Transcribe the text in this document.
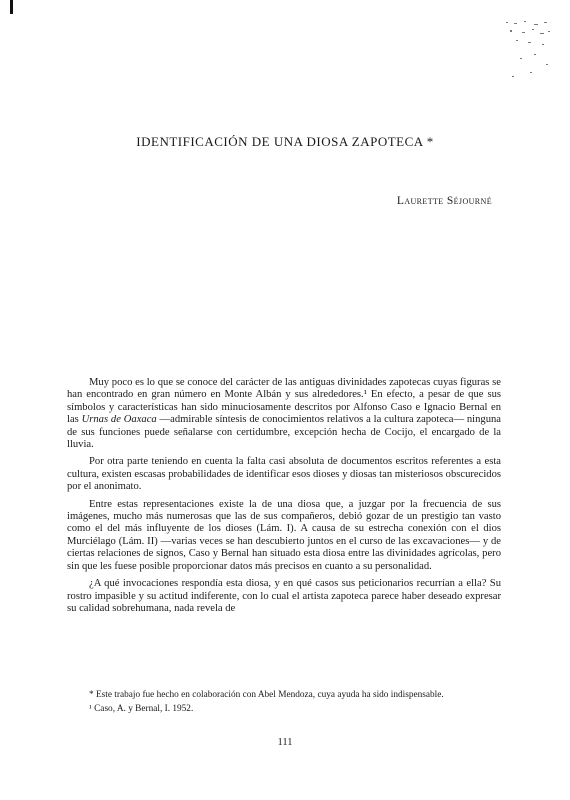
IDENTIFICACIÓN DE UNA DIOSA ZAPOTECA *
Laurette Séjourné

Muy poco es lo que se conoce del carácter de las antiguas divinidades zapotecas cuyas figuras se han encontrado en gran número en Monte Albán y sus alrededores.¹ En efecto, a pesar de que sus símbolos y características han sido minuciosamente descritos por Alfonso Caso e Ignacio Bernal en las Urnas de Oaxaca —admirable síntesis de conocimientos relativos a la cultura zapoteca— ninguna de sus funciones puede señalarse con certidumbre, excepción hecha de Cocijo, el encargado de la lluvia.

Por otra parte teniendo en cuenta la falta casi absoluta de documentos escritos referentes a esta cultura, existen escasas probabilidades de identificar esos dioses y diosas tan misteriosos obscurecidos por el anonimato.

Entre estas representaciones existe la de una diosa que, a juzgar por la frecuencia de sus imágenes, mucho más numerosas que las de sus compañeros, debió gozar de un prestigio tan vasto como el del más influyente de los dioses (Lám. I). A causa de su estrecha conexión con el dios Murciélago (Lám. II) —varias veces se han descubierto juntos en el curso de las excavaciones— y de ciertas relaciones de signos, Caso y Bernal han situado esta diosa entre las divinidades agrícolas, pero sin que les fuese posible proporcionar datos más precisos en cuanto a su personalidad.

¿A qué invocaciones respondía esta diosa, y en qué casos sus peticionarios recurrían a ella? Su rostro impasible y su actitud indiferente, con lo cual el artista zapoteca parece haber deseado expresar su calidad sobrehumana, nada revela de

* Este trabajo fue hecho en colaboración con Abel Mendoza, cuya ayuda ha sido indispensable.

¹ Caso, A. y Bernal, I. 1952.

111
